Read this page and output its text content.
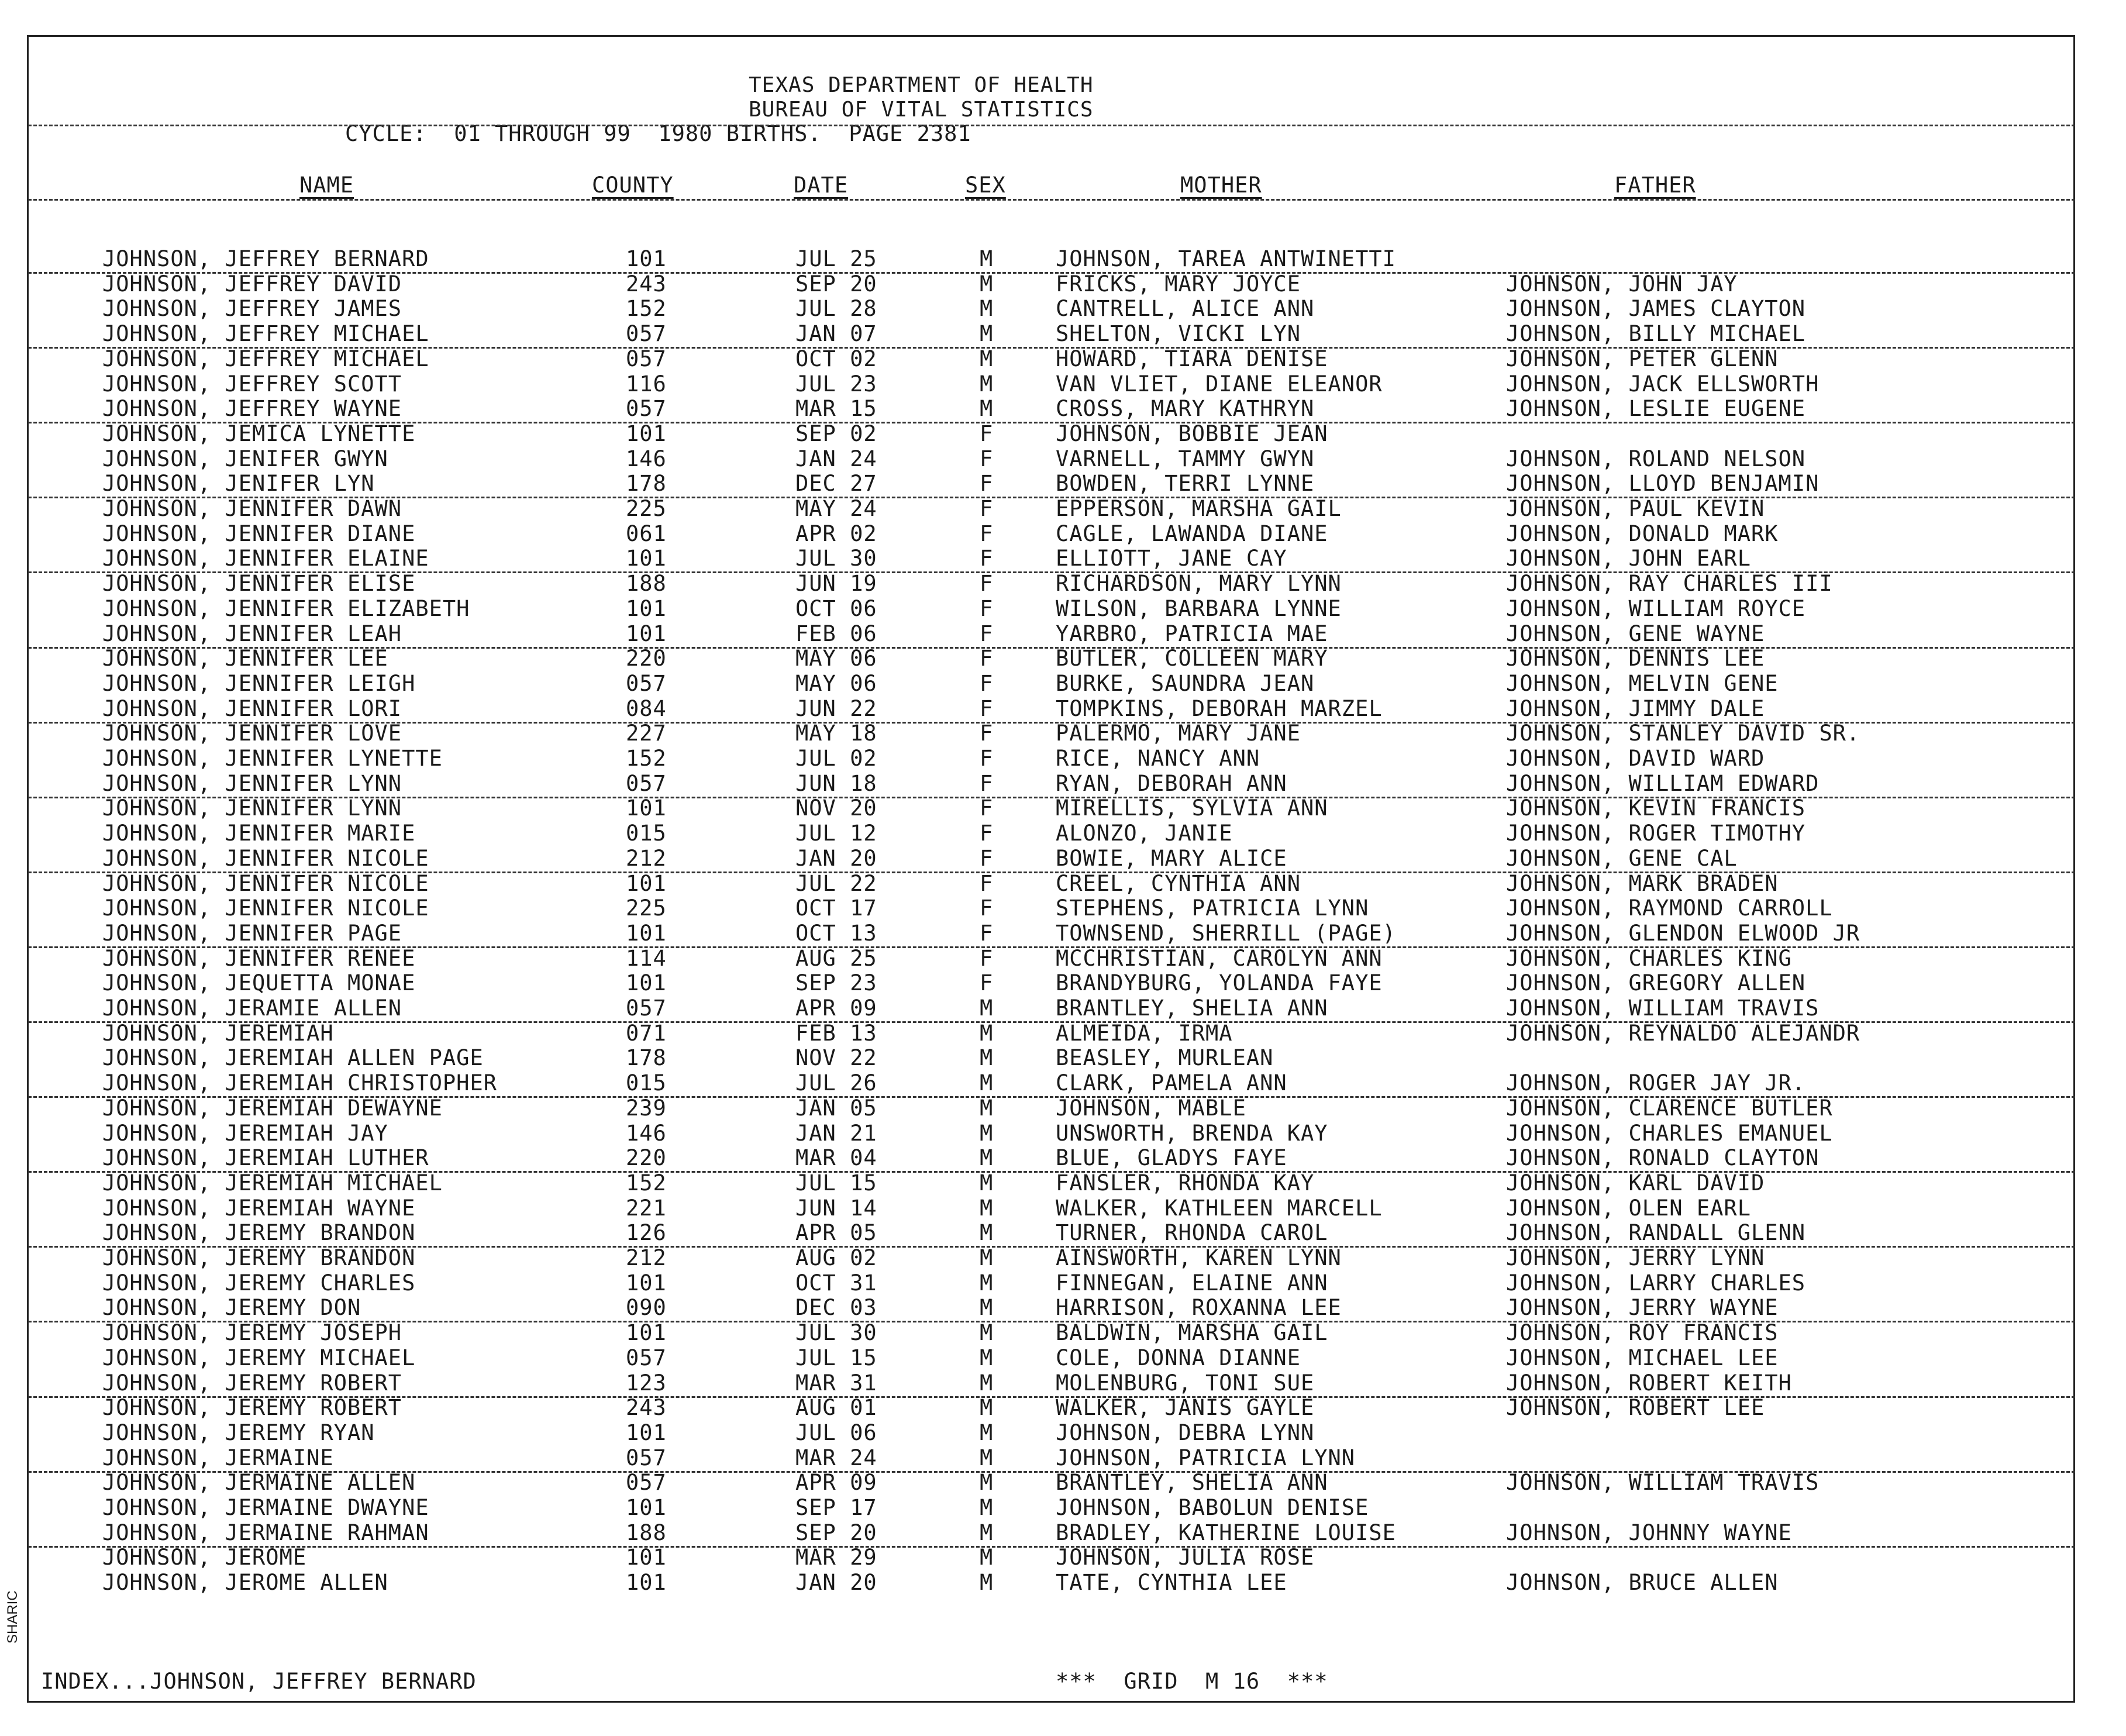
TEXAS DEPARTMENT OF HEALTH
BUREAU OF VITAL STATISTICS
CYCLE:  01 THROUGH 99  1980 BIRTHS.  PAGE 2381
NAME	COUNTY	DATE	SEX	MOTHER	FATHER
JOHNSON, JEFFREY BERNARD	101	JUL 25	M	JOHNSON, TAREA ANTWINETTI
JOHNSON, JEFFREY DAVID	243	SEP 20	M	FRICKS, MARY JOYCE	JOHNSON, JOHN JAY
JOHNSON, JEFFREY JAMES	152	JUL 28	M	CANTRELL, ALICE ANN	JOHNSON, JAMES CLAYTON
JOHNSON, JEFFREY MICHAEL	057	JAN 07	M	SHELTON, VICKI LYN	JOHNSON, BILLY MICHAEL
JOHNSON, JEFFREY MICHAEL	057	OCT 02	M	HOWARD, TIARA DENISE	JOHNSON, PETER GLENN
JOHNSON, JEFFREY SCOTT	116	JUL 23	M	VAN VLIET, DIANE ELEANOR	JOHNSON, JACK ELLSWORTH
JOHNSON, JEFFREY WAYNE	057	MAR 15	M	CROSS, MARY KATHRYN	JOHNSON, LESLIE EUGENE
JOHNSON, JEMICA LYNETTE	101	SEP 02	F	JOHNSON, BOBBIE JEAN
JOHNSON, JENIFER GWYN	146	JAN 24	F	VARNELL, TAMMY GWYN	JOHNSON, ROLAND NELSON
JOHNSON, JENIFER LYN	178	DEC 27	F	BOWDEN, TERRI LYNNE	JOHNSON, LLOYD BENJAMIN
JOHNSON, JENNIFER DAWN	225	MAY 24	F	EPPERSON, MARSHA GAIL	JOHNSON, PAUL KEVIN
JOHNSON, JENNIFER DIANE	061	APR 02	F	CAGLE, LAWANDA DIANE	JOHNSON, DONALD MARK
JOHNSON, JENNIFER ELAINE	101	JUL 30	F	ELLIOTT, JANE CAY	JOHNSON, JOHN EARL
JOHNSON, JENNIFER ELISE	188	JUN 19	F	RICHARDSON, MARY LYNN	JOHNSON, RAY CHARLES III
JOHNSON, JENNIFER ELIZABETH	101	OCT 06	F	WILSON, BARBARA LYNNE	JOHNSON, WILLIAM ROYCE
JOHNSON, JENNIFER LEAH	101	FEB 06	F	YARBRO, PATRICIA MAE	JOHNSON, GENE WAYNE
JOHNSON, JENNIFER LEE	220	MAY 06	F	BUTLER, COLLEEN MARY	JOHNSON, DENNIS LEE
JOHNSON, JENNIFER LEIGH	057	MAY 06	F	BURKE, SAUNDRA JEAN	JOHNSON, MELVIN GENE
JOHNSON, JENNIFER LORI	084	JUN 22	F	TOMPKINS, DEBORAH MARZEL	JOHNSON, JIMMY DALE
JOHNSON, JENNIFER LOVE	227	MAY 18	F	PALERMO, MARY JANE	JOHNSON, STANLEY DAVID SR.
JOHNSON, JENNIFER LYNETTE	152	JUL 02	F	RICE, NANCY ANN	JOHNSON, DAVID WARD
JOHNSON, JENNIFER LYNN	057	JUN 18	F	RYAN, DEBORAH ANN	JOHNSON, WILLIAM EDWARD
JOHNSON, JENNIFER LYNN	101	NOV 20	F	MIRELLIS, SYLVIA ANN	JOHNSON, KEVIN FRANCIS
JOHNSON, JENNIFER MARIE	015	JUL 12	F	ALONZO, JANIE	JOHNSON, ROGER TIMOTHY
JOHNSON, JENNIFER NICOLE	212	JAN 20	F	BOWIE, MARY ALICE	JOHNSON, GENE CAL
JOHNSON, JENNIFER NICOLE	101	JUL 22	F	CREEL, CYNTHIA ANN	JOHNSON, MARK BRADEN
JOHNSON, JENNIFER NICOLE	225	OCT 17	F	STEPHENS, PATRICIA LYNN	JOHNSON, RAYMOND CARROLL
JOHNSON, JENNIFER PAGE	101	OCT 13	F	TOWNSEND, SHERRILL (PAGE)	JOHNSON, GLENDON ELWOOD JR
JOHNSON, JENNIFER RENEE	114	AUG 25	F	MCCHRISTIAN, CAROLYN ANN	JOHNSON, CHARLES KING
JOHNSON, JEQUETTA MONAE	101	SEP 23	F	BRANDYBURG, YOLANDA FAYE	JOHNSON, GREGORY ALLEN
JOHNSON, JERAMIE ALLEN	057	APR 09	M	BRANTLEY, SHELIA ANN	JOHNSON, WILLIAM TRAVIS
JOHNSON, JEREMIAH	071	FEB 13	M	ALMEIDA, IRMA	JOHNSON, REYNALDO ALEJANDR
JOHNSON, JEREMIAH ALLEN PAGE	178	NOV 22	M	BEASLEY, MURLEAN
JOHNSON, JEREMIAH CHRISTOPHER	015	JUL 26	M	CLARK, PAMELA ANN	JOHNSON, ROGER JAY JR.
JOHNSON, JEREMIAH DEWAYNE	239	JAN 05	M	JOHNSON, MABLE	JOHNSON, CLARENCE BUTLER
JOHNSON, JEREMIAH JAY	146	JAN 21	M	UNSWORTH, BRENDA KAY	JOHNSON, CHARLES EMANUEL
JOHNSON, JEREMIAH LUTHER	220	MAR 04	M	BLUE, GLADYS FAYE	JOHNSON, RONALD CLAYTON
JOHNSON, JEREMIAH MICHAEL	152	JUL 15	M	FANSLER, RHONDA KAY	JOHNSON, KARL DAVID
JOHNSON, JEREMIAH WAYNE	221	JUN 14	M	WALKER, KATHLEEN MARCELL	JOHNSON, OLEN EARL
JOHNSON, JEREMY BRANDON	126	APR 05	M	TURNER, RHONDA CAROL	JOHNSON, RANDALL GLENN
JOHNSON, JEREMY BRANDON	212	AUG 02	M	AINSWORTH, KAREN LYNN	JOHNSON, JERRY LYNN
JOHNSON, JEREMY CHARLES	101	OCT 31	M	FINNEGAN, ELAINE ANN	JOHNSON, LARRY CHARLES
JOHNSON, JEREMY DON	090	DEC 03	M	HARRISON, ROXANNA LEE	JOHNSON, JERRY WAYNE
JOHNSON, JEREMY JOSEPH	101	JUL 30	M	BALDWIN, MARSHA GAIL	JOHNSON, ROY FRANCIS
JOHNSON, JEREMY MICHAEL	057	JUL 15	M	COLE, DONNA DIANNE	JOHNSON, MICHAEL LEE
JOHNSON, JEREMY ROBERT	123	MAR 31	M	MOLENBURG, TONI SUE	JOHNSON, ROBERT KEITH
JOHNSON, JEREMY ROBERT	243	AUG 01	M	WALKER, JANIS GAYLE	JOHNSON, ROBERT LEE
JOHNSON, JEREMY RYAN	101	JUL 06	M	JOHNSON, DEBRA LYNN
JOHNSON, JERMAINE	057	MAR 24	M	JOHNSON, PATRICIA LYNN
JOHNSON, JERMAINE ALLEN	057	APR 09	M	BRANTLEY, SHELIA ANN	JOHNSON, WILLIAM TRAVIS
JOHNSON, JERMAINE DWAYNE	101	SEP 17	M	JOHNSON, BABOLUN DENISE
JOHNSON, JERMAINE RAHMAN	188	SEP 20	M	BRADLEY, KATHERINE LOUISE	JOHNSON, JOHNNY WAYNE
JOHNSON, JEROME	101	MAR 29	M	JOHNSON, JULIA ROSE
JOHNSON, JEROME ALLEN	101	JAN 20	M	TATE, CYNTHIA LEE	JOHNSON, BRUCE ALLEN
SHARIC
INDEX...JOHNSON, JEFFREY BERNARD	***  GRID  M 16  ***
